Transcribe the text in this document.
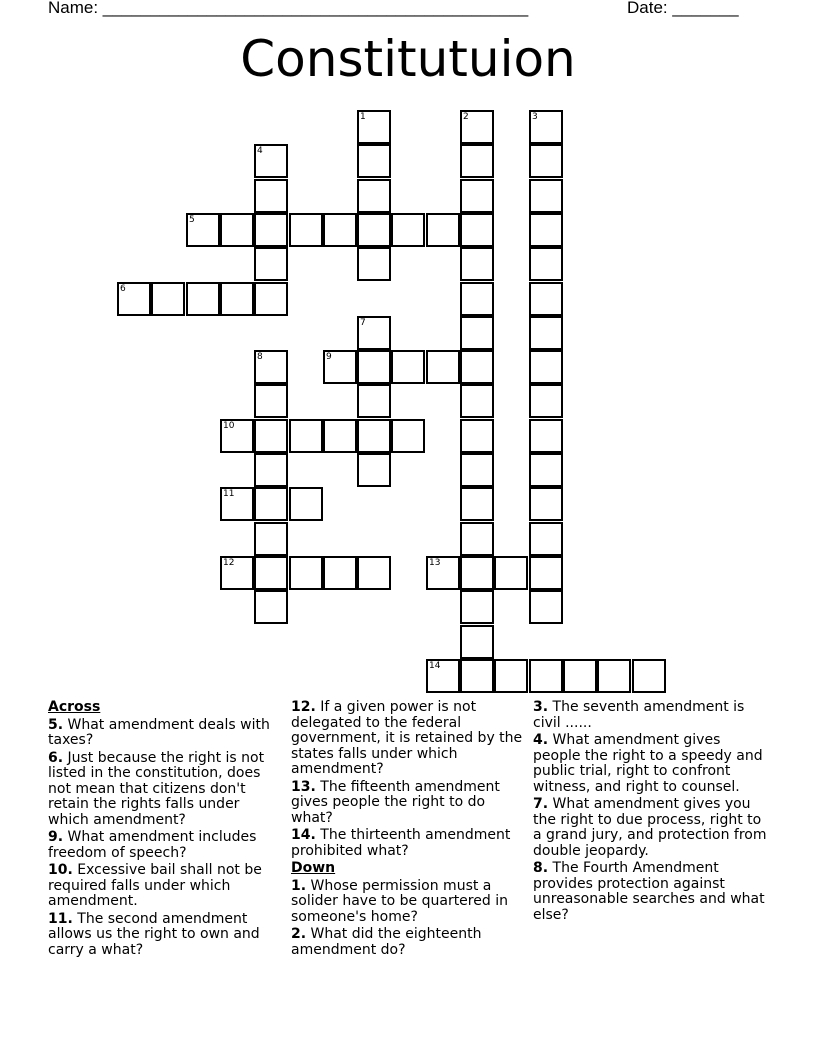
Name: _____________________________________________	Date: _______
Constitutuion
1	2	3
4
5
6
7
8	9
10
11
12	13
14
Across
5. What amendment deals with taxes?
6. Just because the right is not listed in the constitution, does not mean that citizens don't retain the rights falls under which amendment?
9. What amendment includes freedom of speech?
10. Excessive bail shall not be required falls under which amendment.
11. The second amendment allows us the right to own and carry a what?
12. If a given power is not delegated to the federal government, it is retained by the states falls under which amendment?
13. The fifteenth amendment gives people the right to do what?
14. The thirteenth amendment prohibited what?
Down
1. Whose permission must a solider have to be quartered in someone's home?
2. What did the eighteenth amendment do?
3. The seventh amendment is civil ......
4. What amendment gives people the right to a speedy and public trial, right to confront witness, and right to counsel.
7. What amendment gives you the right to due process, right to a grand jury, and protection from double jeopardy.
8. The Fourth Amendment provides protection against unreasonable searches and what else?
